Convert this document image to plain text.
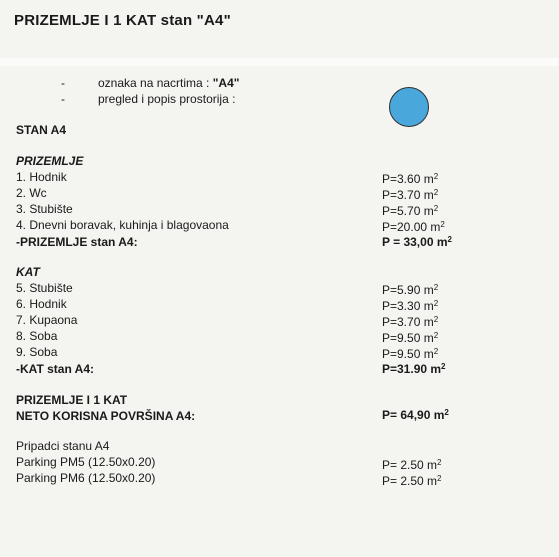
PRIZEMLJE I 1 KAT stan "A4"
-	oznaka na nacrtima : "A4"
-	pregled i popis prostorija :
STAN A4
PRIZEMLJE
1. Hodnik	P=3.60 $m^2$
2. Wc	P=3.70 $m^2$
3. Stubište	P=5.70 $m^2$
4. Dnevni boravak, kuhinja i blagovaona	P=20.00 $m^2$
-PRIZEMLJE stan A4:	P = 33,00 $m^2$
KAT
5. Stubište	P=5.90 $m^2$
6. Hodnik	P=3.30 $m^2$
7. Kupaona	P=3.70 $m^2$
8. Soba	P=9.50 $m^2$
9. Soba	P=9.50 $m^2$
-KAT stan A4:	P=31.90 $m^2$
PRIZEMLJE I 1 KAT
NETO KORISNA POVRŠINA A4:	P= 64,90 $m^2$
Pripadci stanu A4
Parking PM5 (12.50x0.20)	P= 2.50 $m^2$
Parking PM6 (12.50x0.20)	P= 2.50 $m^2$
